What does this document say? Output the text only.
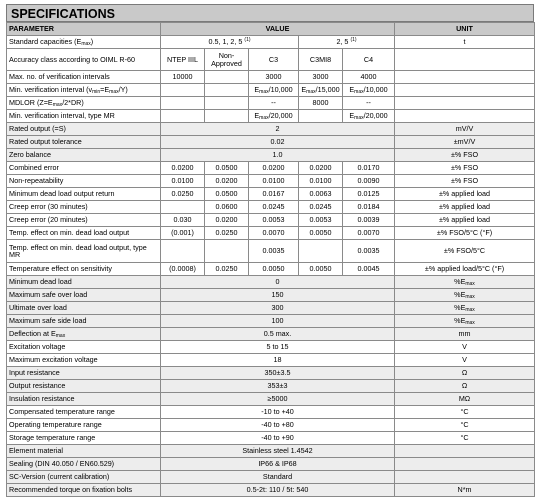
SPECIFICATIONS
PARAMETER	VALUE					UNIT
Standard capacities $(E_{max})$	0.5, 1, 2, 5 $^{(1)}$			2, 5 $^{(1)}$		t
Accuracy class according to OIML R-60	NTEP IIIL	Non-Approved	C3	C3MI8	C4	
Max. no. of verification intervals	10000		3000	3000	4000	
Min. verification interval $(v_{min}=E_{max}/Y)$			$E_{max}/10,000$	$E_{max}/15,000$	$E_{max}/10,000$	
MDLOR $(Z=E_{max}/2*DR)$			--	8000	--	
Min. verification interval, type MR			$E_{max}/20,000$		$E_{max}/20,000$	
Rated output (=S)	2					mV/V
Rated output tolerance	0.02					±mV/V
Zero balance	1.0					±% FSO
Combined error	0.0200	0.0500	0.0200	0.0200	0.0170	±% FSO
Non-repeatability	0.0100	0.0200	0.0100	0.0100	0.0090	±% FSO
Minimum dead load output return	0.0250	0.0500	0.0167	0.0063	0.0125	±% applied load
Creep error (30 minutes)		0.0600	0.0245	0.0245	0.0184	±% applied load
Creep error (20 minutes)	0.030	0.0200	0.0053	0.0053	0.0039	±% applied load
Temp. effect on min. dead load output	(0.001)	0.0250	0.0070	0.0050	0.0070	±% FSO/5°C (°F)
Temp. effect on min. dead load output, type MR			0.0035		0.0035	±% FSO/5°C
Temperature effect on sensitivity	(0.0008)	0.0250	0.0050	0.0050	0.0045	±% applied load/5°C (°F)
Minimum dead load	0					$\%E_{max}$
Maximum safe over load	150					$\%E_{max}$
Ultimate over load	300					$\%E_{max}$
Maximum safe side load	100					$\%E_{max}$
Deflection at $E_{max}$	0.5 max.					mm
Excitation voltage	5 to 15					V
Maximum excitation voltage	18					V
Input resistance	350±3.5					Ω
Output resistance	353±3					Ω
Insulation resistance	≥5000					MΩ
Compensated temperature range	-10 to +40					°C
Operating temperature range	-40 to +80					°C
Storage temperature range	-40 to +90					°C
Element material	Stainless steel 1.4542					
Sealing (DIN 40.050 / EN60.529)	IP66 & IP68					
SC-Version (current calibration)	Standard					
Recommended torque on fixation bolts	0.5-2t: 110 / 5t: 540					N*m
